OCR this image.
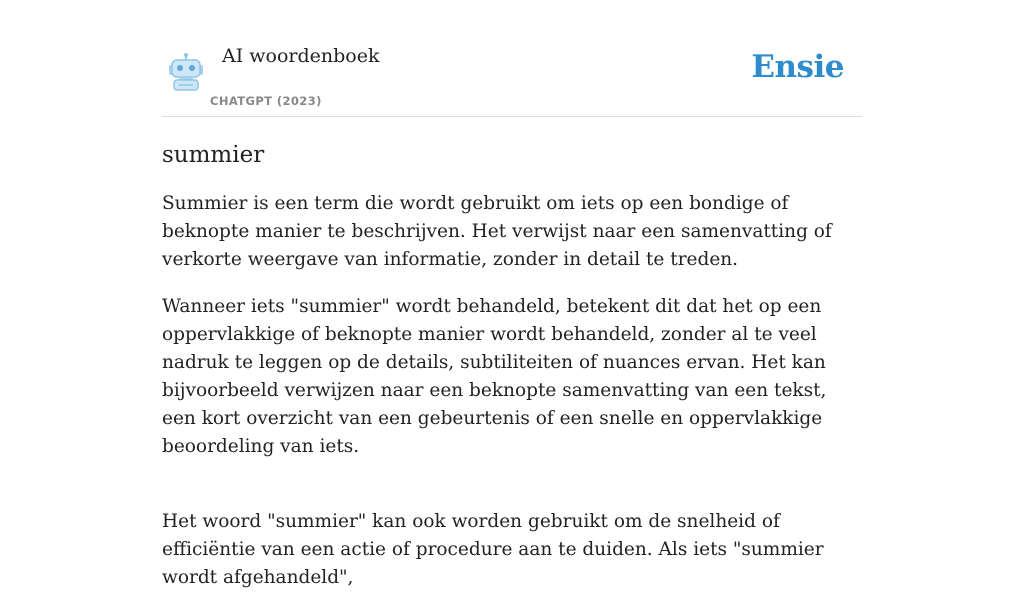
AI woordenboek
CHATGPT (2023)
Ensie
summier

Summier is een term die wordt gebruikt om iets op een bondige of beknopte manier te beschrijven. Het verwijst naar een samenvatting of verkorte weergave van informatie, zonder in detail te treden.

Wanneer iets "summier" wordt behandeld, betekent dit dat het op een oppervlakkige of beknopte manier wordt behandeld, zonder al te veel nadruk te leggen op de details, subtiliteiten of nuances ervan. Het kan bijvoorbeeld verwijzen naar een beknopte samenvatting van een tekst, een kort overzicht van een gebeurtenis of een snelle en oppervlakkige beoordeling van iets.

Het woord "summier" kan ook worden gebruikt om de snelheid of efficiëntie van een actie of procedure aan te duiden. Als iets "summier wordt afgehandeld",
